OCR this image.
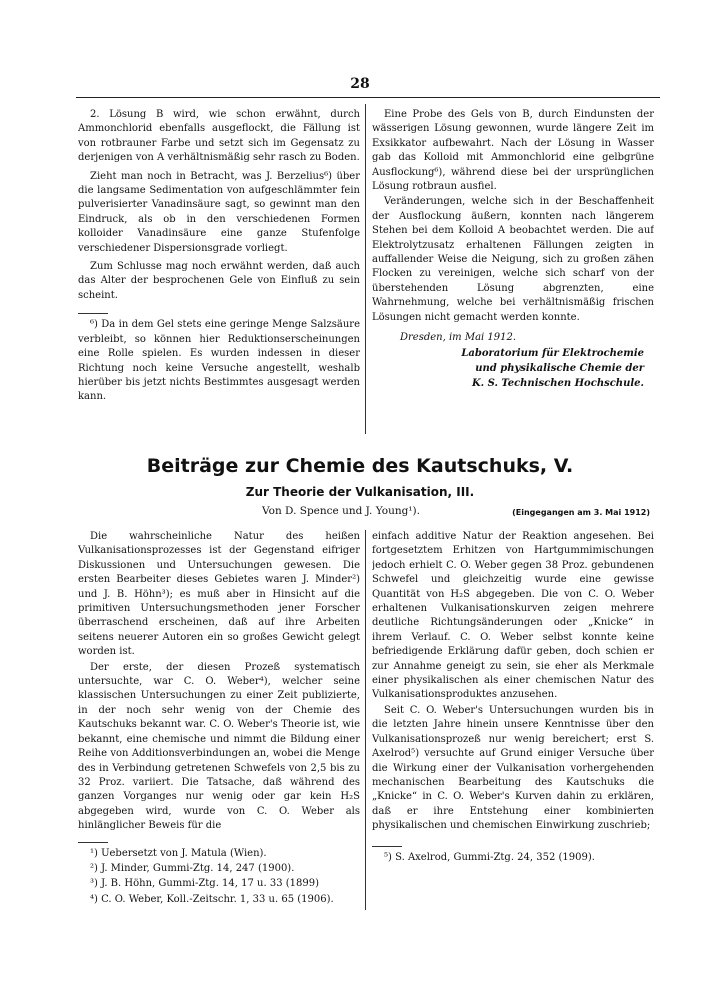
28

2. Lösung B wird, wie schon erwähnt, durch Ammonchlorid ebenfalls ausgeflockt, die Fällung ist von rotbrauner Farbe und setzt sich im Gegensatz zu derjenigen von A verhältnismäßig sehr rasch zu Boden.

Zieht man noch in Betracht, was J. Berzelius⁶) über die langsame Sedimentation von aufgeschlämmter fein pulverisierter Vanadinsäure sagt, so gewinnt man den Eindruck, als ob in den verschiedenen Formen kolloider Vanadinsäure eine ganze Stufenfolge verschiedener Dispersionsgrade vorliegt.

Zum Schlusse mag noch erwähnt werden, daß auch das Alter der besprochenen Gele von Einfluß zu sein scheint.

⁶) Da in dem Gel stets eine geringe Menge Salzsäure verbleibt, so können hier Reduktionserscheinungen eine Rolle spielen. Es wurden indessen in dieser Richtung noch keine Versuche angestellt, weshalb hierüber bis jetzt nichts Bestimmtes ausgesagt werden kann.

Eine Probe des Gels von B, durch Eindunsten der wässerigen Lösung gewonnen, wurde längere Zeit im Exsikkator aufbewahrt. Nach der Lösung in Wasser gab das Kolloid mit Ammonchlorid eine gelbgrüne Ausflockung⁶), während diese bei der ursprünglichen Lösung rotbraun ausfiel.

Veränderungen, welche sich in der Beschaffenheit der Ausflockung äußern, konnten nach längerem Stehen bei dem Kolloid A beobachtet werden. Die auf Elektrolytzusatz erhaltenen Fällungen zeigten in auffallender Weise die Neigung, sich zu großen zähen Flocken zu vereinigen, welche sich scharf von der überstehenden Lösung abgrenzten, eine Wahrnehmung, welche bei verhältnismäßig frischen Lösungen nicht gemacht werden konnte.

Dresden, im Mai 1912.

Laboratorium für Elektrochemie

und physikalische Chemie der

K. S. Technischen Hochschule.

Beiträge zur Chemie des Kautschuks, V.
Zur Theorie der Vulkanisation, III.
Von D. Spence und J. Young¹).	(Eingegangen am 3. Mai 1912)

Die wahrscheinliche Natur des heißen Vulkanisationsprozesses ist der Gegenstand eifriger Diskussionen und Untersuchungen gewesen. Die ersten Bearbeiter dieses Gebietes waren J. Minder²) und J. B. Höhn³); es muß aber in Hinsicht auf die primitiven Untersuchungsmethoden jener Forscher überraschend erscheinen, daß auf ihre Arbeiten seitens neuerer Autoren ein so großes Gewicht gelegt worden ist.

Der erste, der diesen Prozeß systematisch untersuchte, war C. O. Weber⁴), welcher seine klassischen Untersuchungen zu einer Zeit publizierte, in der noch sehr wenig von der Chemie des Kautschuks bekannt war. C. O. Weber's Theorie ist, wie bekannt, eine chemische und nimmt die Bildung einer Reihe von Additionsverbindungen an, wobei die Menge des in Verbindung getretenen Schwefels von 2,5 bis zu 32 Proz. variiert. Die Tatsache, daß während des ganzen Vorganges nur wenig oder gar kein H₂S abgegeben wird, wurde von C. O. Weber als hinlänglicher Beweis für die

¹) Uebersetzt von J. Matula (Wien).

²) J. Minder, Gummi-Ztg. 14, 247 (1900).

³) J. B. Höhn, Gummi-Ztg. 14, 17 u. 33 (1899)

⁴) C. O. Weber, Koll.-Zeitschr. 1, 33 u. 65 (1906).

einfach additive Natur der Reaktion angesehen. Bei fortgesetztem Erhitzen von Hartgummimischungen jedoch erhielt C. O. Weber gegen 38 Proz. gebundenen Schwefel und gleichzeitig wurde eine gewisse Quantität von H₂S abgegeben. Die von C. O. Weber erhaltenen Vulkanisationskurven zeigen mehrere deutliche Richtungsänderungen oder „Knicke“ in ihrem Verlauf. C. O. Weber selbst konnte keine befriedigende Erklärung dafür geben, doch schien er zur Annahme geneigt zu sein, sie eher als Merkmale einer physikalischen als einer chemischen Natur des Vulkanisationsproduktes anzusehen.

Seit C. O. Weber's Untersuchungen wurden bis in die letzten Jahre hinein unsere Kenntnisse über den Vulkanisationsprozeß nur wenig bereichert; erst S. Axelrod⁵) versuchte auf Grund einiger Versuche über die Wirkung einer der Vulkanisation vorhergehenden mechanischen Bearbeitung des Kautschuks die „Knicke“ in C. O. Weber's Kurven dahin zu erklären, daß er ihre Entstehung einer kombinierten physikalischen und chemischen Einwirkung zuschrieb;

⁵) S. Axelrod, Gummi-Ztg. 24, 352 (1909).
